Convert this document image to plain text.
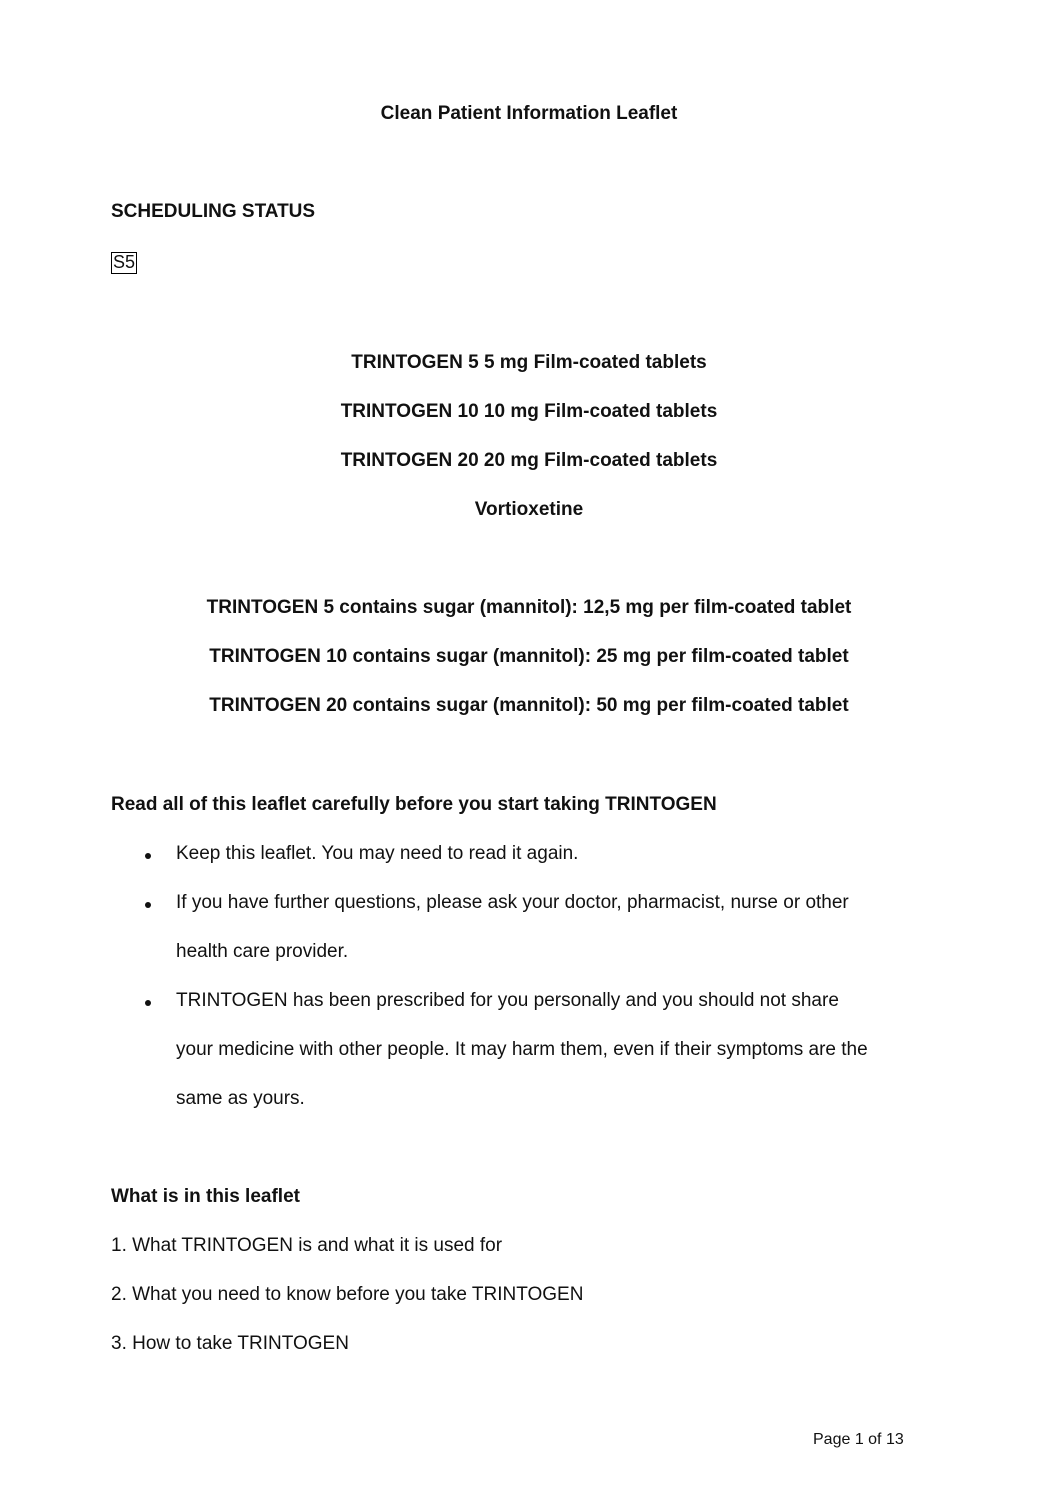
Clean Patient Information Leaflet
SCHEDULING STATUS
S5
TRINTOGEN 5 5 mg Film-coated tablets
TRINTOGEN 10 10 mg Film-coated tablets
TRINTOGEN 20 20 mg Film-coated tablets
Vortioxetine
TRINTOGEN 5 contains sugar (mannitol): 12,5 mg per film-coated tablet
TRINTOGEN 10 contains sugar (mannitol): 25 mg per film-coated tablet
TRINTOGEN 20 contains sugar (mannitol): 50 mg per film-coated tablet
Read all of this leaflet carefully before you start taking TRINTOGEN
Keep this leaflet. You may need to read it again.
If you have further questions, please ask your doctor, pharmacist, nurse or other
health care provider.
TRINTOGEN has been prescribed for you personally and you should not share
your medicine with other people. It may harm them, even if their symptoms are the
same as yours.
What is in this leaflet
1. What TRINTOGEN is and what it is used for
2. What you need to know before you take TRINTOGEN
3. How to take TRINTOGEN
Page 1 of 13
